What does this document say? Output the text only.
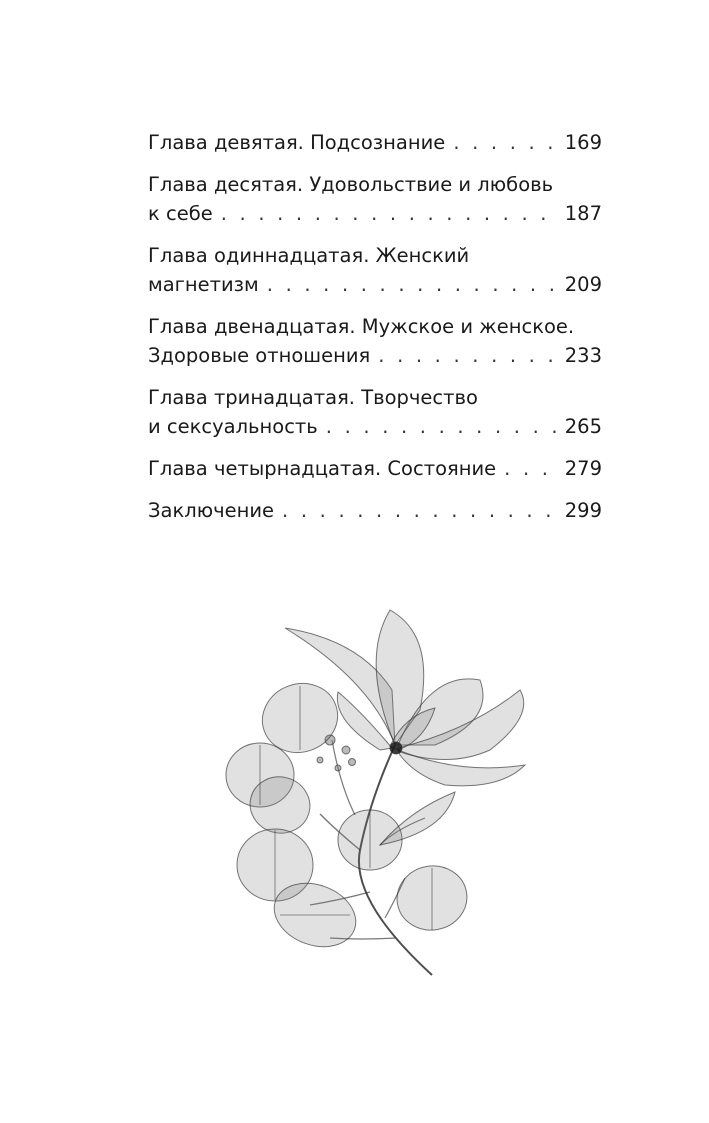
Глава девятая. Подсознание . . .	169
Глава десятая. Удовольствие и любовь
к себе . . .	187
Глава одиннадцатая. Женский
магнетизм . . .	209
Глава двенадцатая. Мужское и женское.
Здоровые отношения . . .	233
Глава тринадцатая. Творчество
и сексуальность . . .	265
Глава четырнадцатая. Состояние . . .	279
Заключение . . .	299
